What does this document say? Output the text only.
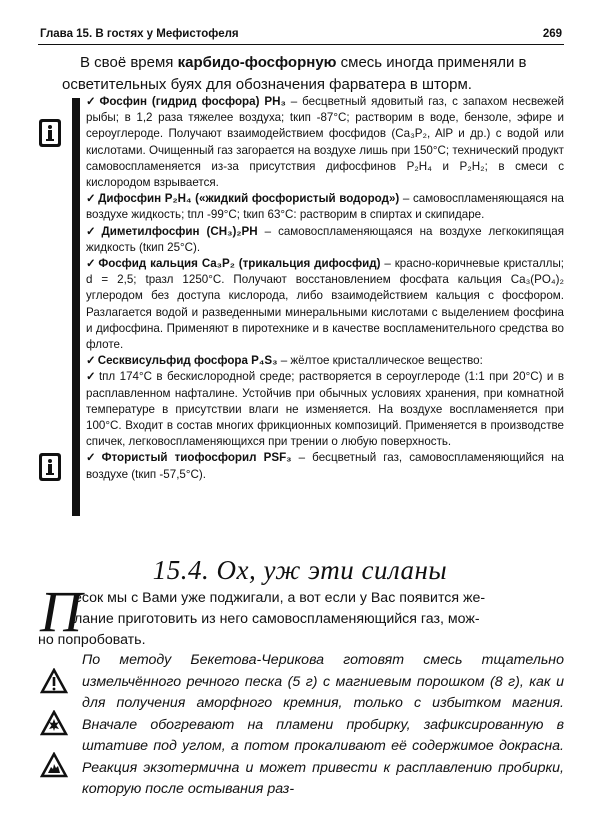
Глава 15. В гостях у Мефистофеля	269

В своё время карбидо-фосфорную смесь иногда применяли в осветительных буях для обозначения фарватера в шторм.

✓ Фосфин (гидрид фосфора) PH₃ – бесцветный ядовитый газ, с запахом несвежей рыбы; в 1,2 раза тяжелее воздуха; tкип -87°С; растворим в воде, бензоле, эфире и сероуглероде. Получают взаимодействием фосфидов (Ca₃P₂, AlP и др.) с водой или кислотами. Очищенный газ загорается на воздухе лишь при 150°С; технический продукт самовоспламеняется из-за присутствия дифосфинов P₂H₄ и P₂H₂; в смеси с кислородом взрывается.

✓ Дифосфин P₂H₄ («жидкий фосфористый водород») – самовоспламеняющаяся на воздухе жидкость; tпл -99°С; tкип 63°С: растворим в спиртах и скипидаре.

✓ Диметилфосфин (CH₃)₂PH – самовоспламеняющаяся на воздухе легкокипящая жидкость (tкип 25°С).

✓ Фосфид кальция Ca₃P₂ (трикальция дифосфид) – красно-коричневые кристаллы; d = 2,5; tразл 1250°С. Получают восстановлением фосфата кальция Ca₃(PO₄)₂ углеродом без доступа кислорода, либо взаимодействием кальция с фосфором. Разлагается водой и разведенными минеральными кислотами с выделением фосфина и дифосфина. Применяют в пиротехнике и в качестве воспламенительного средства во флоте.

✓ Сесквисульфид фосфора P₄S₃ – жёлтое кристаллическое вещество:

✓ tпл 174°С в бескислородной среде; растворяется в сероуглероде (1:1 при 20°С) и в расплавленном нафталине. Устойчив при обычных условиях хранения, при комнатной температуре в присутствии влаги не изменяется. На воздухе воспламеняется при 100°С. Входит в состав многих фрикционных композиций. Применяется в производстве спичек, легковоспламеняющихся при трении о любую поверхность.

✓ Фтористый тиофосфорил PSF₃ – бесцветный газ, самовоспламеняющийся на воздухе (tкип -57,5°С).

15.4. Ох, уж эти силаны
П
есок мы с Вами уже поджигали, а вот если у Вас появится же-
лание приготовить из него самовоспламеняющийся газ, мож-
но попробовать.
По методу Бекетова-Черикова готовят смесь тщательно измельчённого речного песка (5 г) с магниевым порошком (8 г), как и для получения аморфного кремния, только с избытком магния. Вначале обогревают на пламени пробирку, зафиксированную в штативе под углом, а потом прокаливают её содержимое докрасна. Реакция экзотермична и может привести к расплавлению пробирки, которую после остывания раз-
